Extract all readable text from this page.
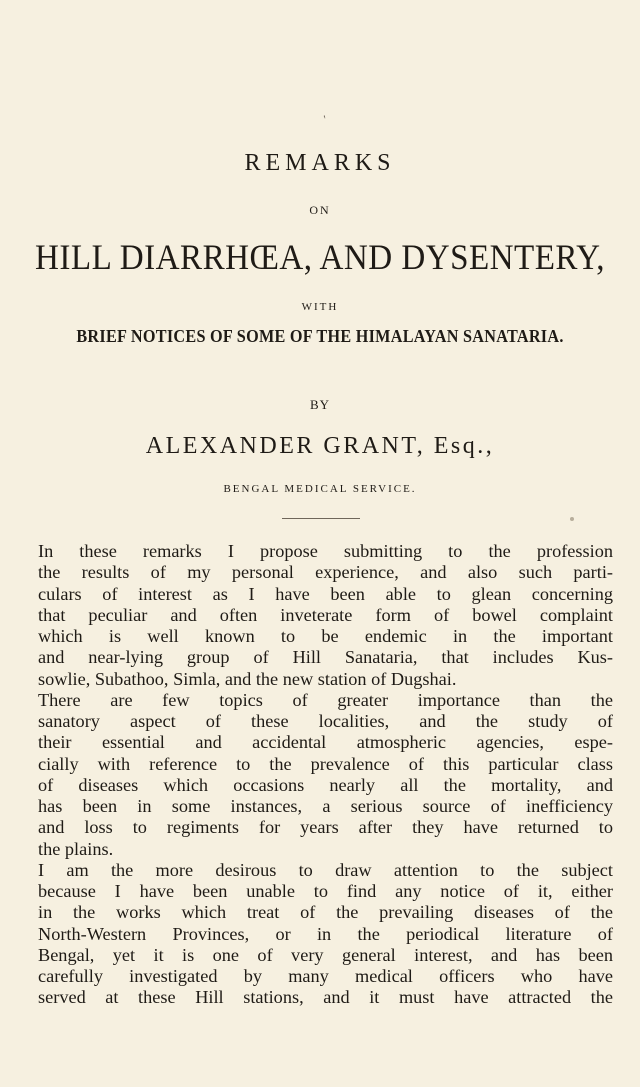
′
REMARKS
ON
HILL DIARRHŒA, AND DYSENTERY,
WITH
BRIEF NOTICES OF SOME OF THE HIMALAYAN SANATARIA.
BY
ALEXANDER GRANT, Esq.,
BENGAL MEDICAL SERVICE.
In these remarks I propose submitting to the profession
the results of my personal experience, and also such parti-
culars of interest as I have been able to glean concerning
that peculiar and often inveterate form of bowel complaint
which is well known to be endemic in the important
and near-lying group of Hill Sanataria, that includes Kus-
sowlie, Subathoo, Simla, and the new station of Dugshai.
There are few topics of greater importance than the
sanatory aspect of these localities, and the study of
their essential and accidental atmospheric agencies, espe-
cially with reference to the prevalence of this particular class
of diseases which occasions nearly all the mortality, and
has been in some instances, a serious source of inefficiency
and loss to regiments for years after they have returned to
the plains.
I am the more desirous to draw attention to the subject
because I have been unable to find any notice of it, either
in the works which treat of the prevailing diseases of the
North-Western Provinces, or in the periodical literature of
Bengal, yet it is one of very general interest, and has been
carefully investigated by many medical officers who have
served at these Hill stations, and it must have attracted the
